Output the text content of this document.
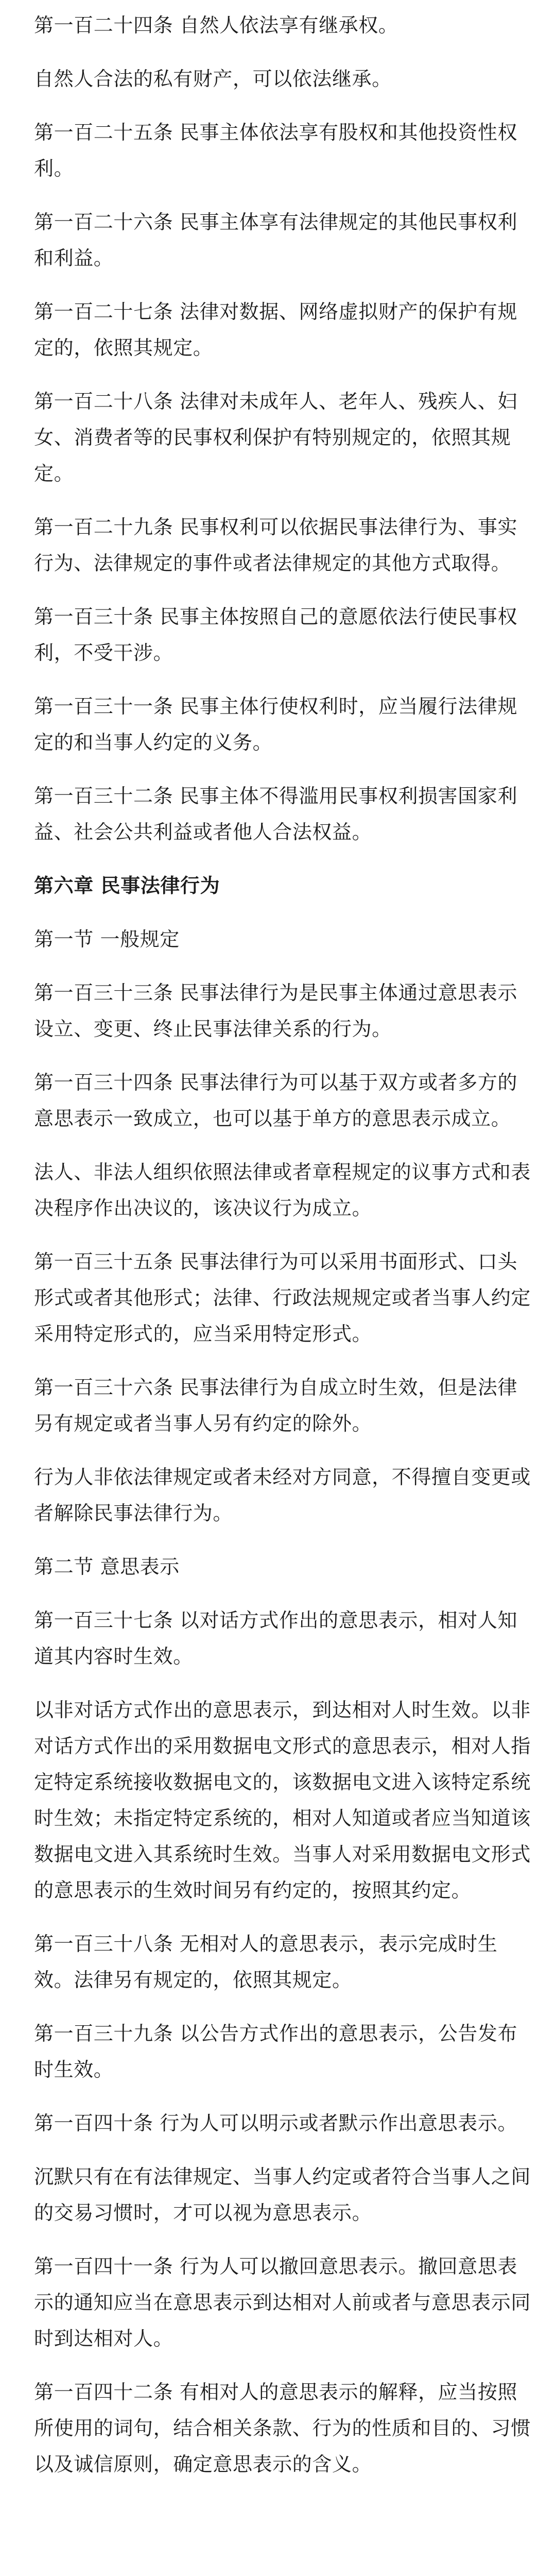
第一百二十四条 自然人依法享有继承权。

自然人合法的私有财产，可以依法继承。

第一百二十五条 民事主体依法享有股权和其他投资性权利。

第一百二十六条 民事主体享有法律规定的其他民事权利和利益。

第一百二十七条 法律对数据、网络虚拟财产的保护有规定的，依照其规定。

第一百二十八条 法律对未成年人、老年人、残疾人、妇女、消费者等的民事权利保护有特别规定的，依照其规定。

第一百二十九条 民事权利可以依据民事法律行为、事实行为、法律规定的事件或者法律规定的其他方式取得。

第一百三十条 民事主体按照自己的意愿依法行使民事权利，不受干涉。

第一百三十一条 民事主体行使权利时，应当履行法律规定的和当事人约定的义务。

第一百三十二条 民事主体不得滥用民事权利损害国家利益、社会公共利益或者他人合法权益。

第六章 民事法律行为

第一节 一般规定

第一百三十三条 民事法律行为是民事主体通过意思表示设立、变更、终止民事法律关系的行为。

第一百三十四条 民事法律行为可以基于双方或者多方的意思表示一致成立，也可以基于单方的意思表示成立。

法人、非法人组织依照法律或者章程规定的议事方式和表决程序作出决议的，该决议行为成立。

第一百三十五条 民事法律行为可以采用书面形式、口头形式或者其他形式；法律、行政法规规定或者当事人约定采用特定形式的，应当采用特定形式。

第一百三十六条 民事法律行为自成立时生效，但是法律另有规定或者当事人另有约定的除外。

行为人非依法律规定或者未经对方同意，不得擅自变更或者解除民事法律行为。

第二节 意思表示

第一百三十七条 以对话方式作出的意思表示，相对人知道其内容时生效。

以非对话方式作出的意思表示，到达相对人时生效。以非对话方式作出的采用数据电文形式的意思表示，相对人指定特定系统接收数据电文的，该数据电文进入该特定系统时生效；未指定特定系统的，相对人知道或者应当知道该数据电文进入其系统时生效。当事人对采用数据电文形式的意思表示的生效时间另有约定的，按照其约定。

第一百三十八条 无相对人的意思表示，表示完成时生效。法律另有规定的，依照其规定。

第一百三十九条 以公告方式作出的意思表示，公告发布时生效。

第一百四十条 行为人可以明示或者默示作出意思表示。

沉默只有在有法律规定、当事人约定或者符合当事人之间的交易习惯时，才可以视为意思表示。

第一百四十一条 行为人可以撤回意思表示。撤回意思表示的通知应当在意思表示到达相对人前或者与意思表示同时到达相对人。

第一百四十二条 有相对人的意思表示的解释，应当按照所使用的词句，结合相关条款、行为的性质和目的、习惯以及诚信原则，确定意思表示的含义。
